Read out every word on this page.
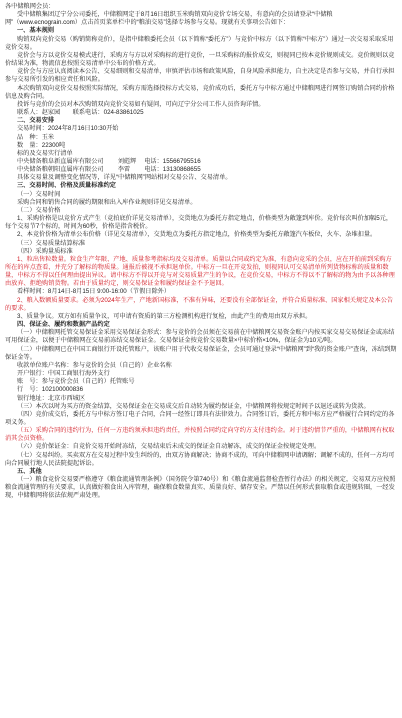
各中储粮网会员：

受中储粮集团辽宁分公司委托，中储粮网定于8月16日组织玉米购销双向竞价专场交易，有意向的会员请登录“中储粮网”（www.ecnograin.com）点击首页菜单栏中的“粮油交易”选择专场参与交易。现就有关事项公告如下：

一、基本规则

购销双向竞价交易（购销简称竞价），是指中储粮委托会员（以下简称“委托方”）与竞价中标方（以下简称“中标方”）通过一次交易采取采用竞价交易。

竞价会与方以竞价交易模式进行，采购方与方以对采购标的进行竞价，一旦采购标的报价成交，则视同已按本竞价规则成交。竞价规则以竞价结果为准，物流信息按照交易清单中公布的价格方式。

竞价会与方应认真阅读本公告、交易细则和交易清单，审慎评估市场和政策风险，自身风险承担能力，自主决定是否参与交易，并自行承担参与交易所引发的相应责任和风险。

本次购销双向竞价交易按照实际情况，采购方需选择投标方式交易，竞价成功后，委托方与中标方通过中储粮网进行网签订购销合同约价格信息及购合同。

投诉与竞价的会员对本次购销双向竞价交易如有疑问，可向辽宁分公司工作人员咨询详情。

联系人：赵家园　　联系电话：024-83861025

二、交易安排

交易时间：2024年8月16日10:30开始

品　种：玉米

数　量：22300吨

标的及交易实行清单

中央储备粮阜新直属库有限公司　　 刘彪辉　 电话：15566795516

中央储备粮朝阳直属库有限公司　　 李雷　　 电话：13130868655

具体交易量及调整变化情况等，详见“中储粮网”网站相对交易公告、交易清单。

三、交易时间、价格及质量标准约定

（一）交易时间

采购合同和销售合同的履约期限和出入库作业规则详见交易清单。

（二）交易价格

1、采购价格是以竞价方式产生（竞拍底价详见交易清单），交货地点为委托方指定地点，价格类型为敞篷到库价。竞价每次叫价加幅5元，每个交易节7个标的，时间为60秒，价格是指含税价。

2、本竞价价格为清单公布价格（详见交易清单），交货地点为委托方指定地点，价格类型为委托方敞篷汽车板位，火车、杂堆扣量。

（三）交易质量结算标准

（四）采购量质标准

1、粒出售粒数量。粒食生产年限、产地、质量参考指标均及交易清单。质量以合同或约定为准，有意向竞采的会员，应在开拍前到采购方所在的库点查看，并充分了解标的物质量。通报后被视不承担退单价。中标方一旦在开竞发拍，则视同认可交易清单所列货物标称的质量和数量，中标方不得以任何理由提出异议。请中标方不得以开竞与对交易质量产生的争议，在竞价交易，中标方不得以不了解标的物为由予以各种理由放弃、拒绝购销货物。若由于质量约定，则交易保证金和履约保证金不予退回。

看样时间：8月14日-8月15日 9:00-16:00（节假日除外）

2、粮入数额质量要求。必须为2024年生产，产地新国标准，不准有异味，还要没有全部保证金，并符合质量标准、国家相关规定及本公告的要求。

3、质量争议。双方如有质量争议，可申请有资质的第三方检测机构进行复检，由此产生的费用由双方承担。

四、保证金、履约和数据产品约定

（一）中储粮网托管交易保证金采用交易保证金形式：参与竞价的会员须在交易前在中储粮网交易资金账户内按买家交易交易保证金或冻结可用保证金，以便于中储粮网在交易前冻结交易保证金。交易保证金按竞价交易数量×中标价格×10%，保证金为10元/吨。

（二）中储粮网已在中国工商银行开设托管账户，该账户用于代收交易保证金，会员可通过登录“中储粮网”到“我的资金账户”查询，冻结到期保证金等。

收款单位账户名称：参与竞价的会员（自己的）企业名称

开户银行：中国工商银行海外支行

账　号：参与竞价会员（自己的）托管账号

行　号：102100000836

银行地址：北京市西城区

（三）本次以时为买方的资金结算，交易保证金在交易成交后自动转为履约保证金，中储粮网将按规定时间予以退还或转为货款。

（四）竞价成交后，委托方与中标方签订电子合同，合同一经签订即具有法律效力。合同签订后，委托方和中标方应严格履行合同约定的各项义务。

（五）采购合同的违约行为，任何一方违约须承担违约责任，并按照合同约定向守约方支付违约金。对于违约情节严重的，中储粮网有权取消其会员资格。

（六）竞价保证金：自竞价交易开始时冻结，交易结束后未成交的保证金自动解冻，成交的保证金按规定处理。

（七）交易纠纷。买卖双方在交易过程中发生纠纷的，由双方协商解决；协商不成的，可向中储粮网申请调解；调解不成的，任何一方均可向合同履行地人民法院提起诉讼。

五、其他

（一）粮食竞价交易要严格遵守《粮食流通管理条例》（国务院令第740号）和《粮食流通监督检查暂行办法》的相关规定，交易双方应按照粮食流通管理的有关要求，认真做好粮食出入库管理，确保粮食数量真实、质量良好、储存安全。严禁以任何形式套取粮食或违规转圈，一经发现，中储粮网将依法依规严肃处理。
